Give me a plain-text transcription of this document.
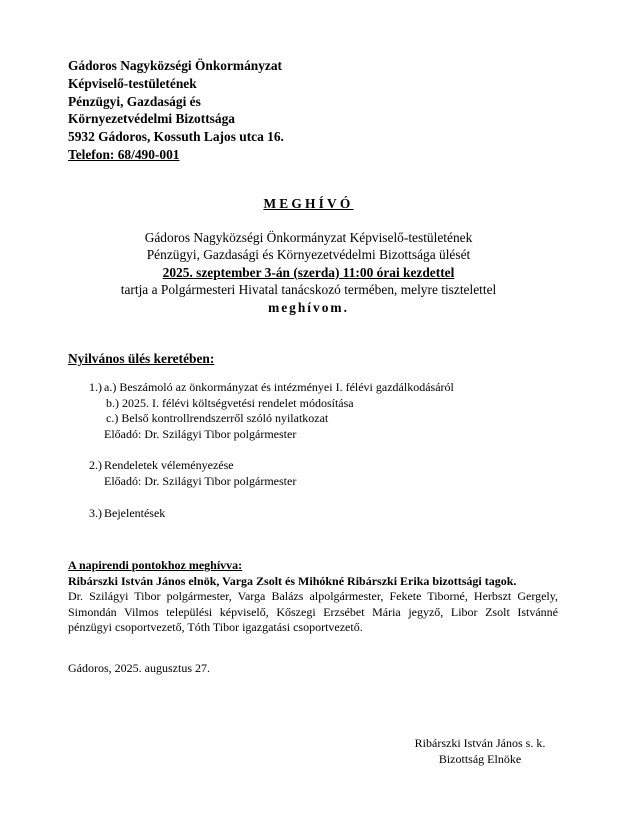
Gádoros Nagyközségi Önkormányzat
Képviselő-testületének
Pénzügyi, Gazdasági és
Környezetvédelmi Bizottsága
5932 Gádoros, Kossuth Lajos utca 16.
Telefon: 68/490-001
MEGHÍVÓ
Gádoros Nagyközségi Önkormányzat Képviselő-testületének
Pénzügyi, Gazdasági és Környezetvédelmi Bizottsága ülését
2025. szeptember 3-án (szerda) 11:00 órai kezdettel
tartja a Polgármesteri Hivatal tanácskozó termében, melyre tisztelettel
meghívom.
Nyilvános ülés keretében:
1.) a.) Beszámoló az önkormányzat és intézményei I. félévi gazdálkodásáról
b.) 2025. I. félévi költségvetési rendelet módosítása
c.) Belső kontrollrendszerről szóló nyilatkozat
Előadó: Dr. Szilágyi Tibor polgármester
2.) Rendeletek véleményezése
Előadó: Dr. Szilágyi Tibor polgármester
3.) Bejelentések
A napirendi pontokhoz meghívva:
Ribárszki István János elnök, Varga Zsolt és Mihókné Ribárszki Erika bizottsági tagok.
Dr. Szilágyi Tibor polgármester, Varga Balázs alpolgármester, Fekete Tiborné, Herbszt Gergely, Simondán Vilmos települési képviselő, Kőszegi Erzsébet Mária jegyző, Libor Zsolt Istvánné pénzügyi csoportvezető, Tóth Tibor igazgatási csoportvezető.
Gádoros, 2025. augusztus 27.
Ribárszki István János s. k.
Bizottság Elnöke
